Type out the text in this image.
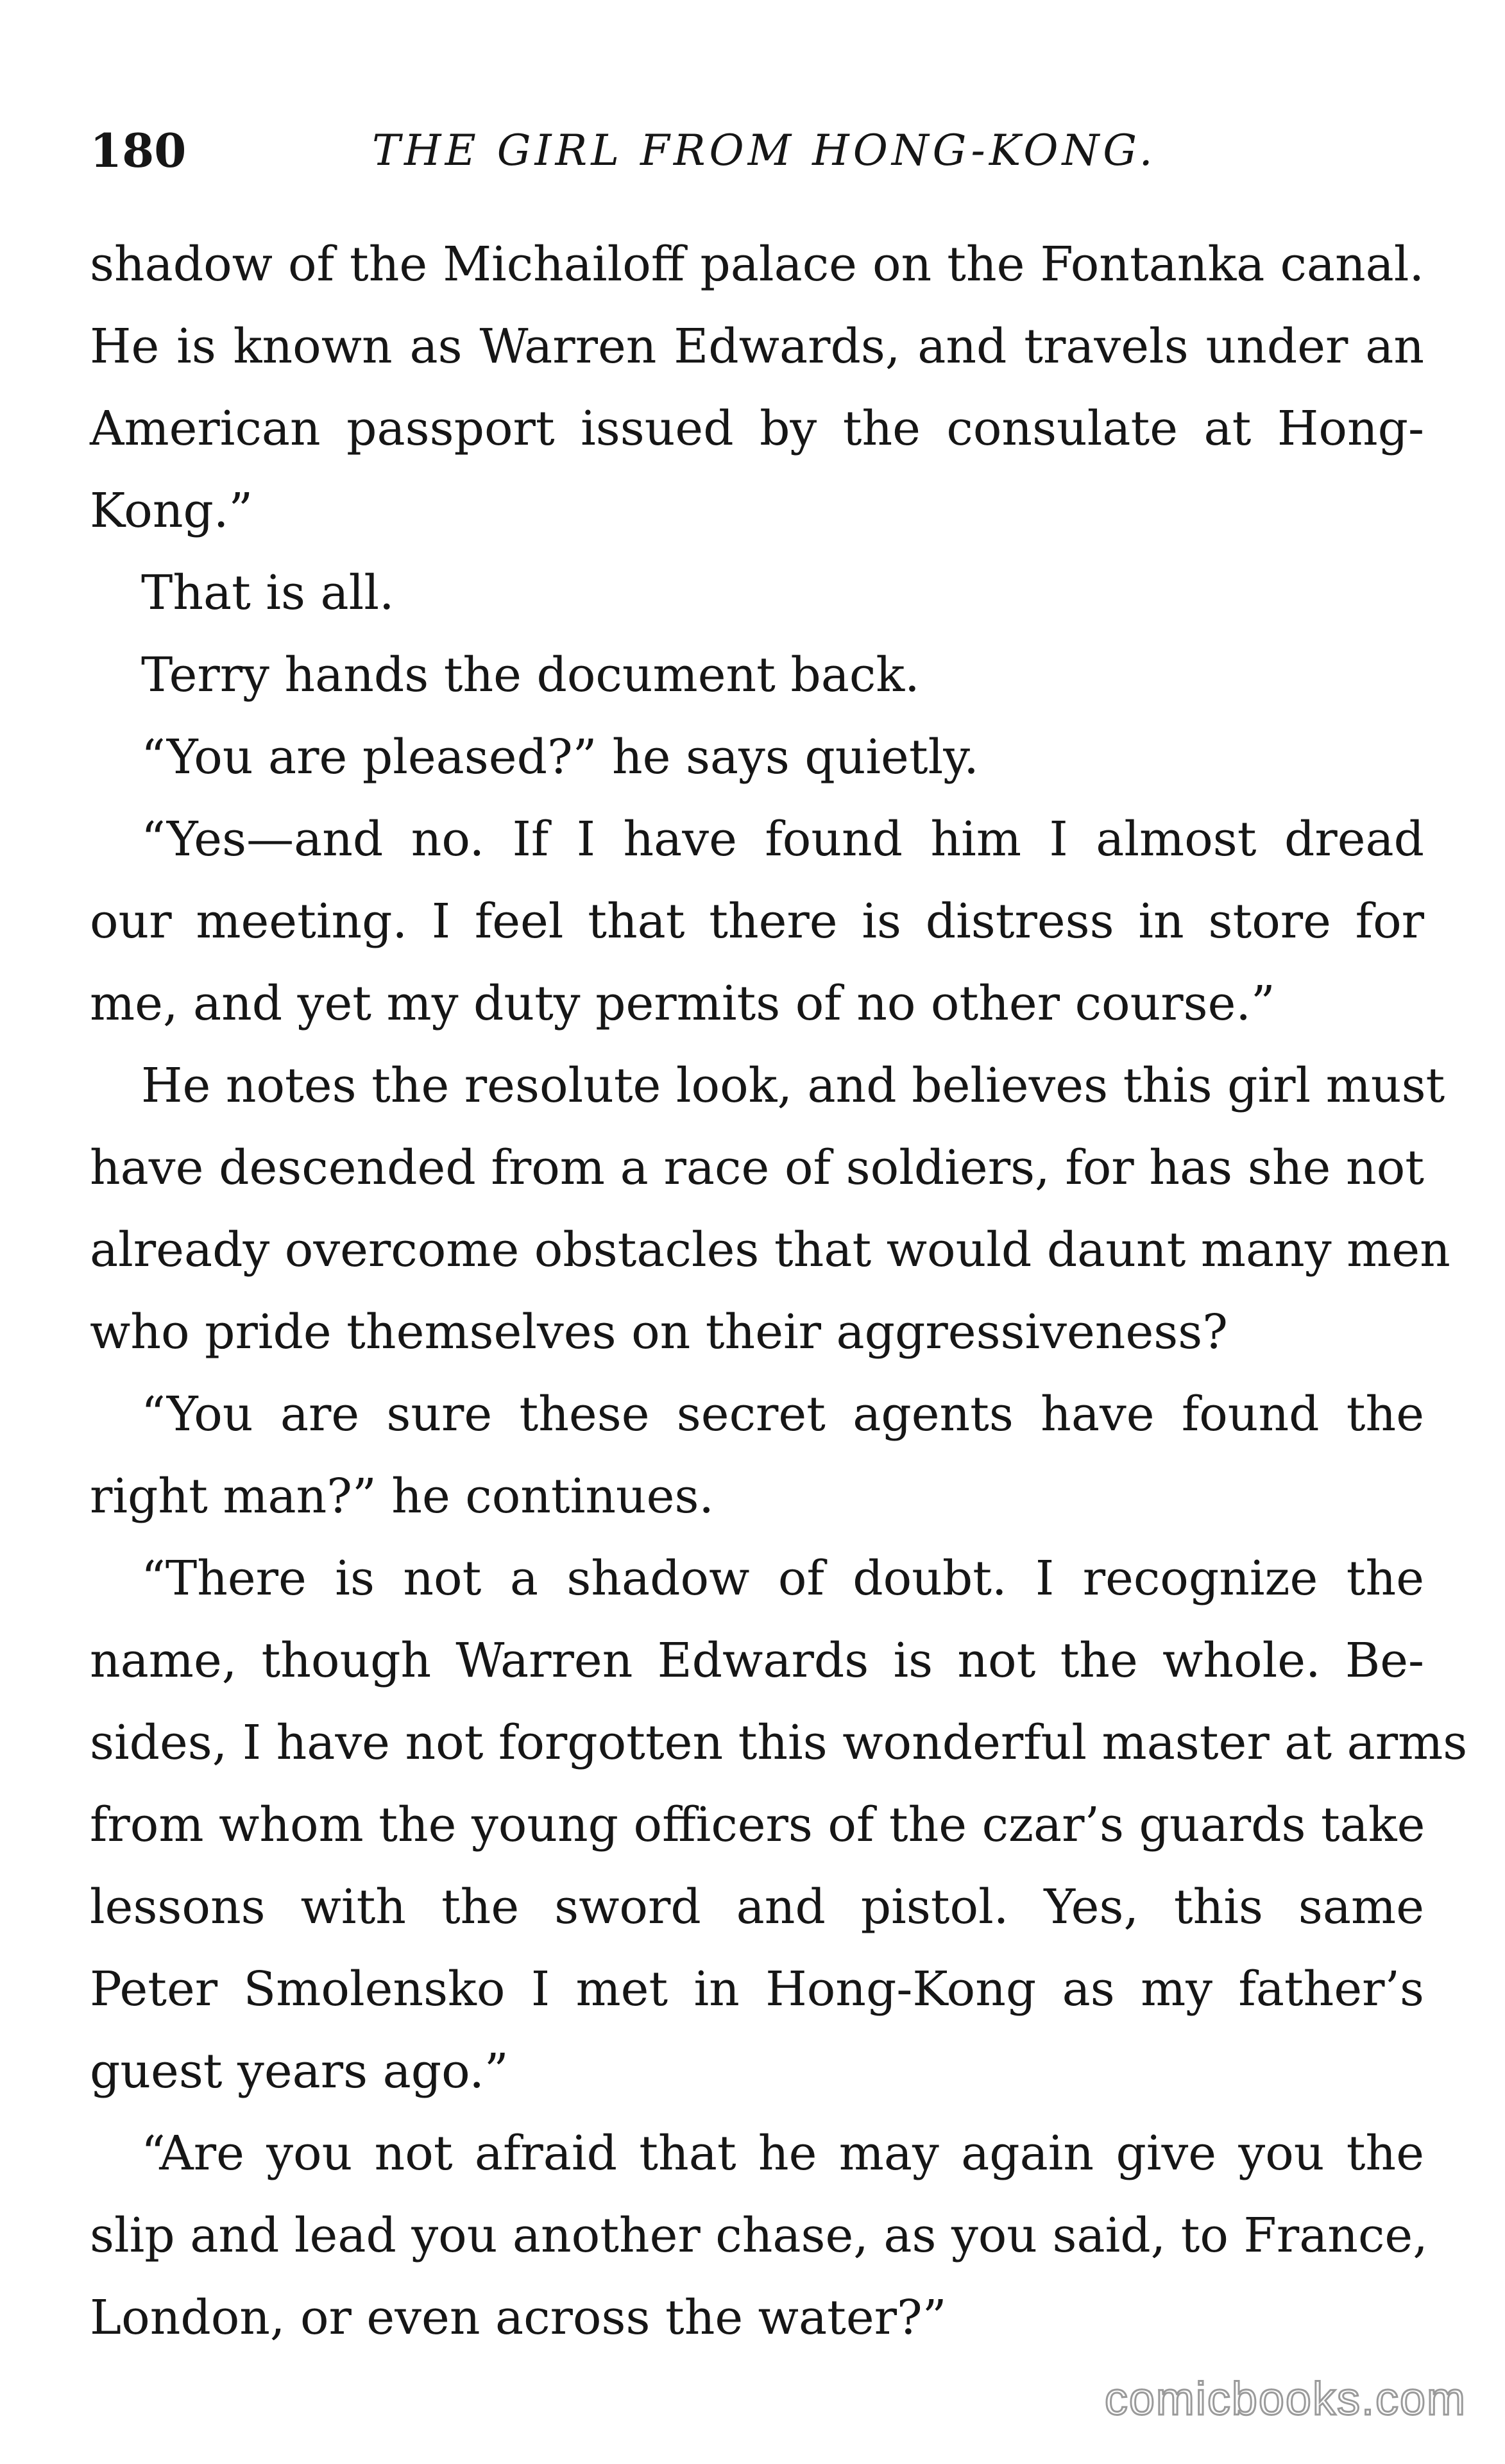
180	THE GIRL FROM HONG-KONG.
shadow of the Michailoff palace on the Fontanka canal.
He is known as Warren Edwards, and travels under an
American passport issued by the consulate at Hong-
Kong.”
That is all.
Terry hands the document back.
“You are pleased?” he says quietly.
“Yes—and no. If I have found him I almost dread
our meeting. I feel that there is distress in store for
me, and yet my duty permits of no other course.”
He notes the resolute look, and believes this girl must
have descended from a race of soldiers, for has she not
already overcome obstacles that would daunt many men
who pride themselves on their aggressiveness?
“You are sure these secret agents have found the
right man?” he continues.
“There is not a shadow of doubt. I recognize the
name, though Warren Edwards is not the whole. Be-
sides, I have not forgotten this wonderful master at arms
from whom the young officers of the czar’s guards take
lessons with the sword and pistol. Yes, this same
Peter Smolensko I met in Hong-Kong as my father’s
guest years ago.”
“Are you not afraid that he may again give you the
slip and lead you another chase, as you said, to France,
London, or even across the water?”
comicbooks.com
